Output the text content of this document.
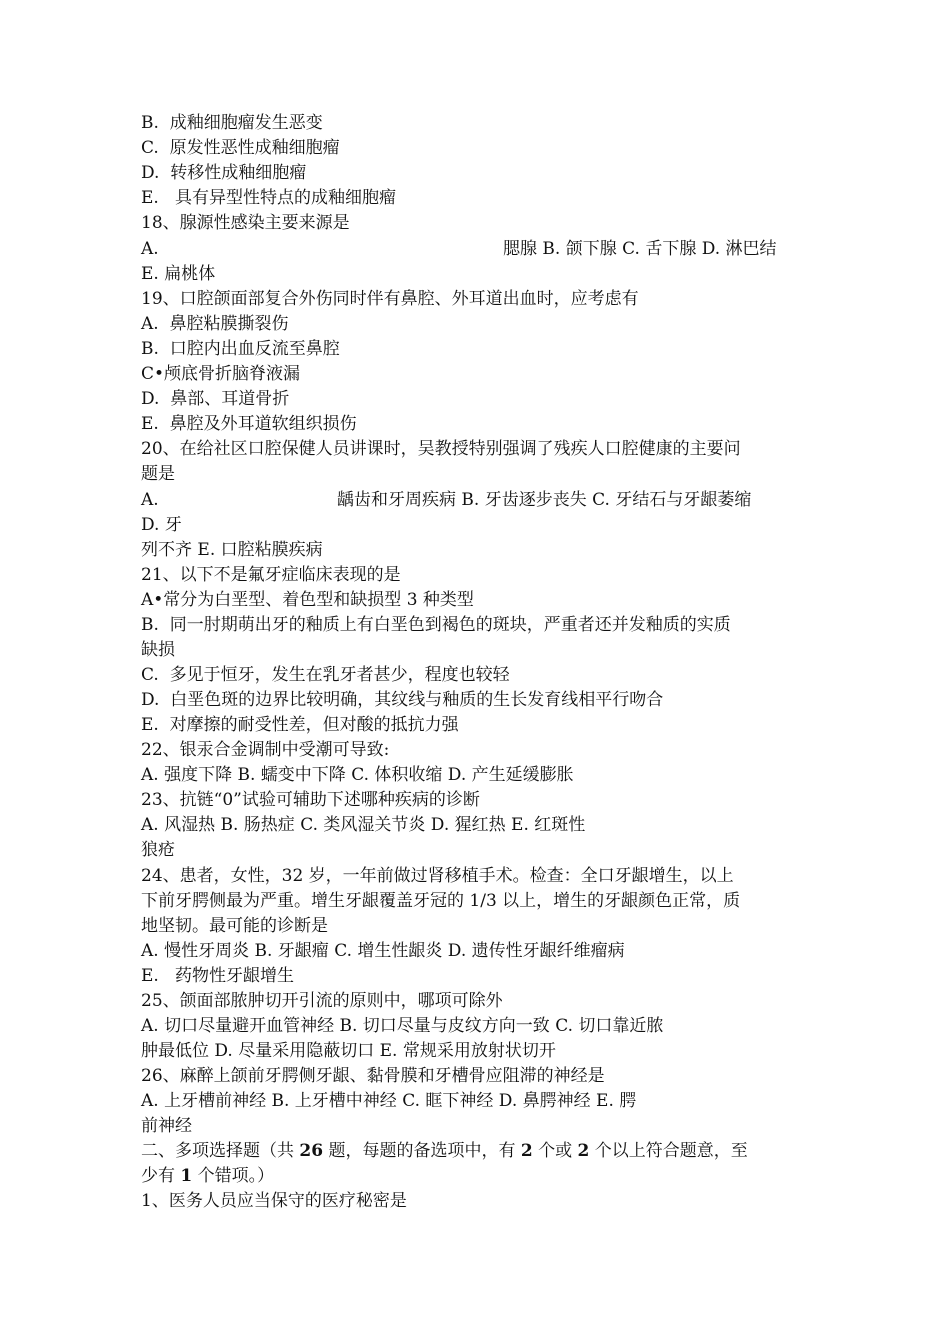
B.  成釉细胞瘤发生恶变
C.  原发性恶性成釉细胞瘤
D.  转移性成釉细胞瘤
E.   具有异型性特点的成釉细胞瘤
18、腺源性感染主要来源是
A.	腮腺 B. 颌下腺 C. 舌下腺 D. 淋巴结
E. 扁桃体
19、口腔颌面部复合外伤同时伴有鼻腔、外耳道出血时，应考虑有
A.  鼻腔粘膜撕裂伤
B.  口腔内出血反流至鼻腔
C•颅底骨折脑脊液漏
D.  鼻部、耳道骨折
E.  鼻腔及外耳道软组织损伤
20、在给社区口腔保健人员讲课时，吴教授特别强调了残疾人口腔健康的主要问
题是
A.	龋齿和牙周疾病 B. 牙齿逐步丧失 C. 牙结石与牙龈萎缩
D. 牙
列不齐 E. 口腔粘膜疾病
21、以下不是氟牙症临床表现的是
A•常分为白垩型、着色型和缺损型 3 种类型
B.  同一肘期萌出牙的釉质上有白垩色到褐色的斑块，严重者还并发釉质的实质
缺损
C.  多见于恒牙，发生在乳牙者甚少，程度也较轻
D.  白垩色斑的边界比较明确，其纹线与釉质的生长发育线相平行吻合
E.  对摩擦的耐受性差，但对酸的抵抗力强
22、银汞合金调制中受潮可导致:
A. 强度下降 B. 蠕变中下降 C. 体积收缩 D. 产生延缓膨胀
23、抗链“0”试验可辅助下述哪种疾病的诊断
A. 风湿热 B. 肠热症 C. 类风湿关节炎 D. 猩红热 E. 红斑性
狼疮
24、患者，女性，32 岁，一年前做过肾移植手术。检查：全口牙龈增生，以上
下前牙腭侧最为严重。增生牙龈覆盖牙冠的 1/3 以上，增生的牙龈颜色正常，质
地坚韧。最可能的诊断是
A. 慢性牙周炎 B. 牙龈瘤 C. 增生性龈炎 D. 遗传性牙龈纤维瘤病
E.   药物性牙龈增生
25、颌面部脓肿切开引流的原则中，哪项可除外
A. 切口尽量避开血管神经 B. 切口尽量与皮纹方向一致 C. 切口靠近脓
肿最低位 D. 尽量采用隐蔽切口 E. 常规采用放射状切开
26、麻醉上颌前牙腭侧牙龈、黏骨膜和牙槽骨应阻滞的神经是
A. 上牙槽前神经 B. 上牙槽中神经 C. 眶下神经 D. 鼻腭神经 E. 腭
前神经
二、多项选择题（共 26 题，每题的备选项中，有 2 个或 2 个以上符合题意，至
少有 1 个错项。）
1、医务人员应当保守的医疗秘密是
